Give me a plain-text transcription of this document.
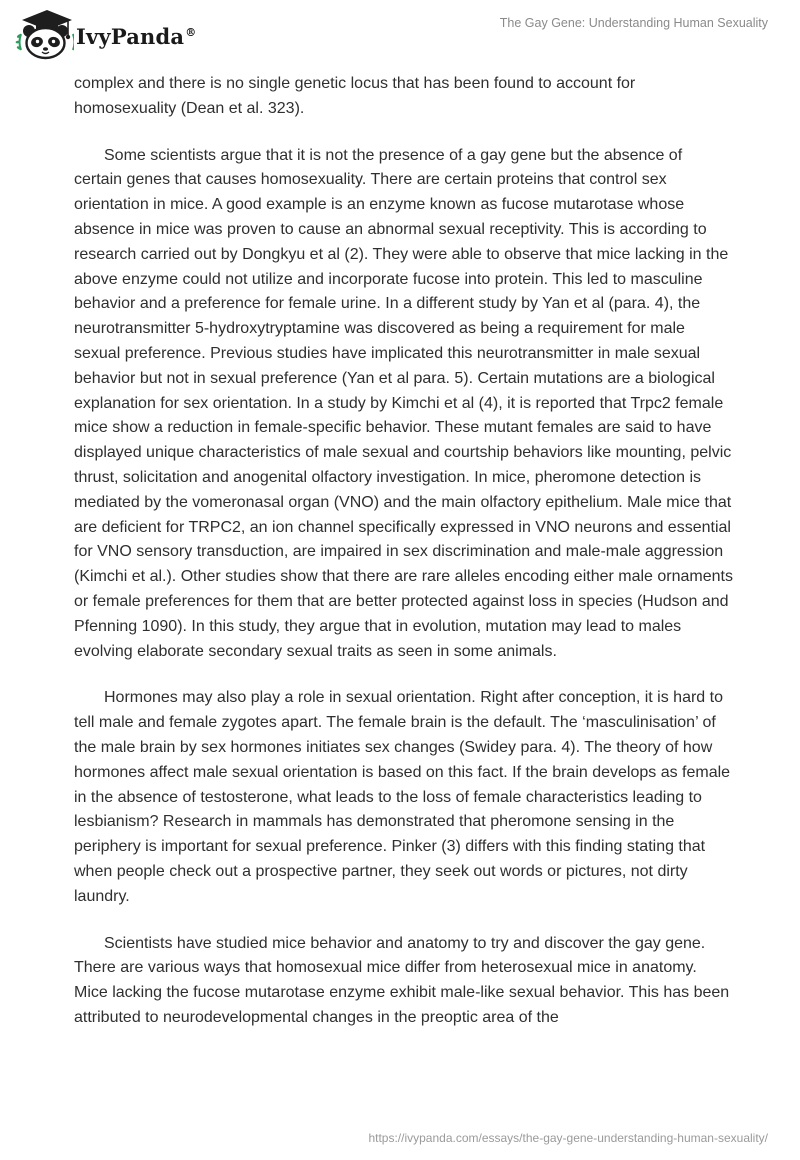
IvyPanda®
The Gay Gene: Understanding Human Sexuality

complex and there is no single genetic locus that has been found to account for homosexuality (Dean et al. 323).

Some scientists argue that it is not the presence of a gay gene but the absence of certain genes that causes homosexuality. There are certain proteins that control sex orientation in mice. A good example is an enzyme known as fucose mutarotase whose absence in mice was proven to cause an abnormal sexual receptivity. This is according to research carried out by Dongkyu et al (2). They were able to observe that mice lacking in the above enzyme could not utilize and incorporate fucose into protein. This led to masculine behavior and a preference for female urine. In a different study by Yan et al (para. 4), the neurotransmitter 5-hydroxytryptamine was discovered as being a requirement for male sexual preference. Previous studies have implicated this neurotransmitter in male sexual behavior but not in sexual preference (Yan et al para. 5). Certain mutations are a biological explanation for sex orientation. In a study by Kimchi et al (4), it is reported that Trpc2 female mice show a reduction in female-specific behavior. These mutant females are said to have displayed unique characteristics of male sexual and courtship behaviors like mounting, pelvic thrust, solicitation and anogenital olfactory investigation. In mice, pheromone detection is mediated by the vomeronasal organ (VNO) and the main olfactory epithelium. Male mice that are deficient for TRPC2, an ion channel specifically expressed in VNO neurons and essential for VNO sensory transduction, are impaired in sex discrimination and male-male aggression (Kimchi et al.). Other studies show that there are rare alleles encoding either male ornaments or female preferences for them that are better protected against loss in species (Hudson and Pfenning 1090). In this study, they argue that in evolution, mutation may lead to males evolving elaborate secondary sexual traits as seen in some animals.

Hormones may also play a role in sexual orientation. Right after conception, it is hard to tell male and female zygotes apart. The female brain is the default. The ‘masculinisation’ of the male brain by sex hormones initiates sex changes (Swidey para. 4). The theory of how hormones affect male sexual orientation is based on this fact. If the brain develops as female in the absence of testosterone, what leads to the loss of female characteristics leading to lesbianism? Research in mammals has demonstrated that pheromone sensing in the periphery is important for sexual preference. Pinker (3) differs with this finding stating that when people check out a prospective partner, they seek out words or pictures, not dirty laundry.

Scientists have studied mice behavior and anatomy to try and discover the gay gene. There are various ways that homosexual mice differ from heterosexual mice in anatomy. Mice lacking the fucose mutarotase enzyme exhibit male-like sexual behavior. This has been attributed to neurodevelopmental changes in the preoptic area of the

https://ivypanda.com/essays/the-gay-gene-understanding-human-sexuality/
